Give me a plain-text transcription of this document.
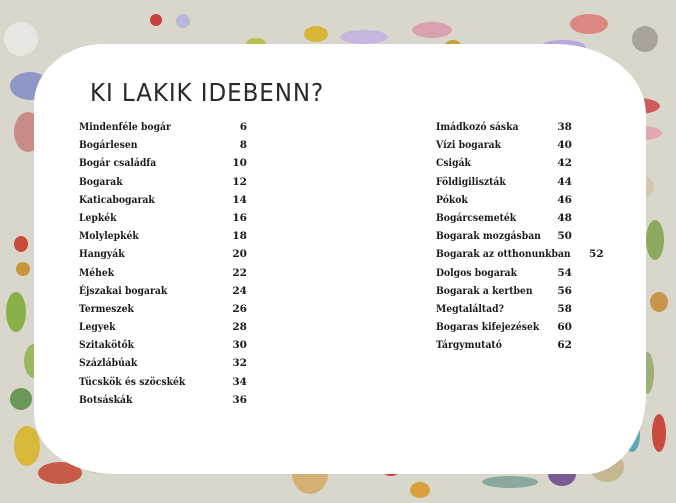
KI LAKIK IDEBENN?
Mindenféle bogár	6
Bogárlesen	8
Bogár családfa	10
Bogarak	12
Katicabogarak	14
Lepkék	16
Molylepkék	18
Hangyák	20
Méhek	22
Éjszakai bogarak	24
Termeszek	26
Legyek	28
Szitakötők	30
Százlábúak	32
Tücskök és szöcskék	34
Botsáskák	36
Imádkozó sáska	38
Vízi bogarak	40
Csigák	42
Földigiliszták	44
Pókok	46
Bogárcsemeték	48
Bogarak mozgásban 50
Bogarak az otthonunkban 52
Dolgos bogarak	54
Bogarak a kertben 56
Megtaláltad?	58
Bogaras kifejezések 60
Tárgymutató	62
